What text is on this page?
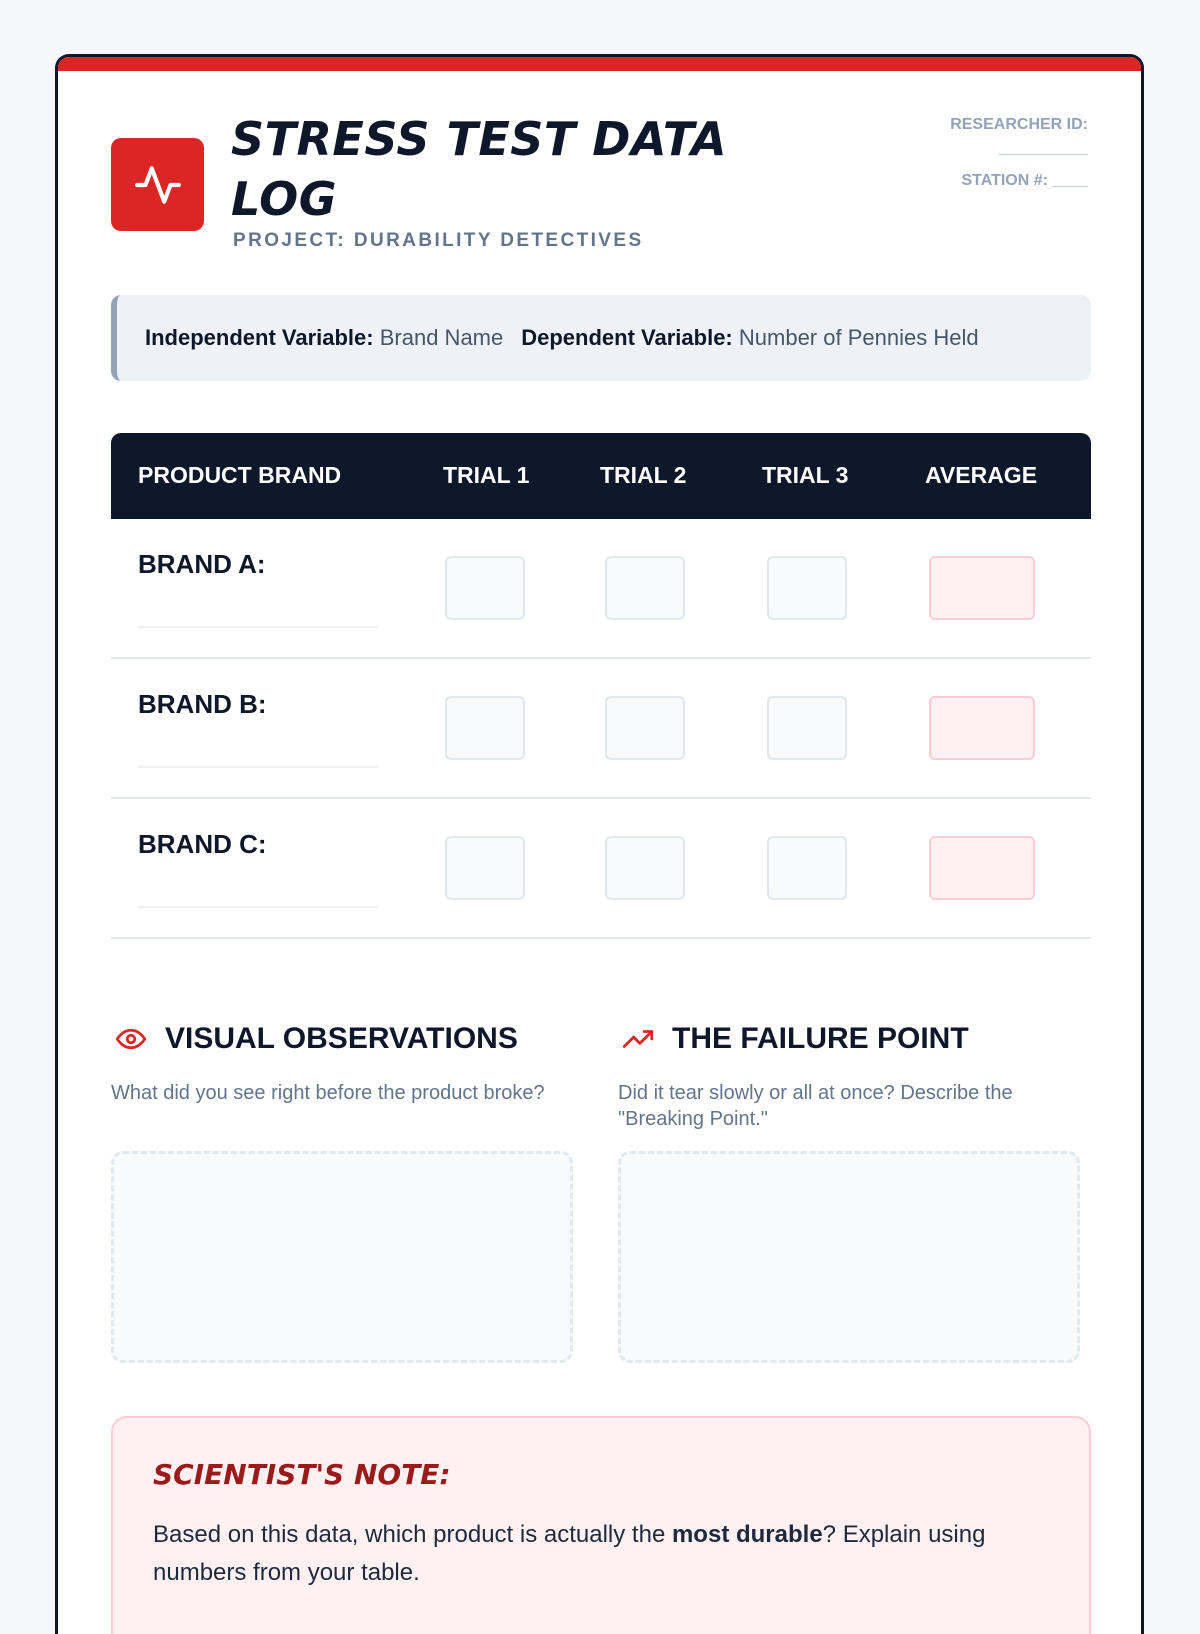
STRESS TEST DATA LOG
PROJECT: DURABILITY DETECTIVES
RESEARCHER ID:
__________
STATION #: ____
Independent Variable: Brand Name Dependent Variable: Number of Pennies Held
PRODUCT BRAND	TRIAL 1	TRIAL 2	TRIAL 3	AVERAGE
BRAND A:
BRAND B:
BRAND C:
VISUAL OBSERVATIONS
What did you see right before the product broke?
THE FAILURE POINT
Did it tear slowly or all at once? Describe the "Breaking Point."
SCIENTIST'S NOTE:
Based on this data, which product is actually the most durable? Explain using numbers from your table.
